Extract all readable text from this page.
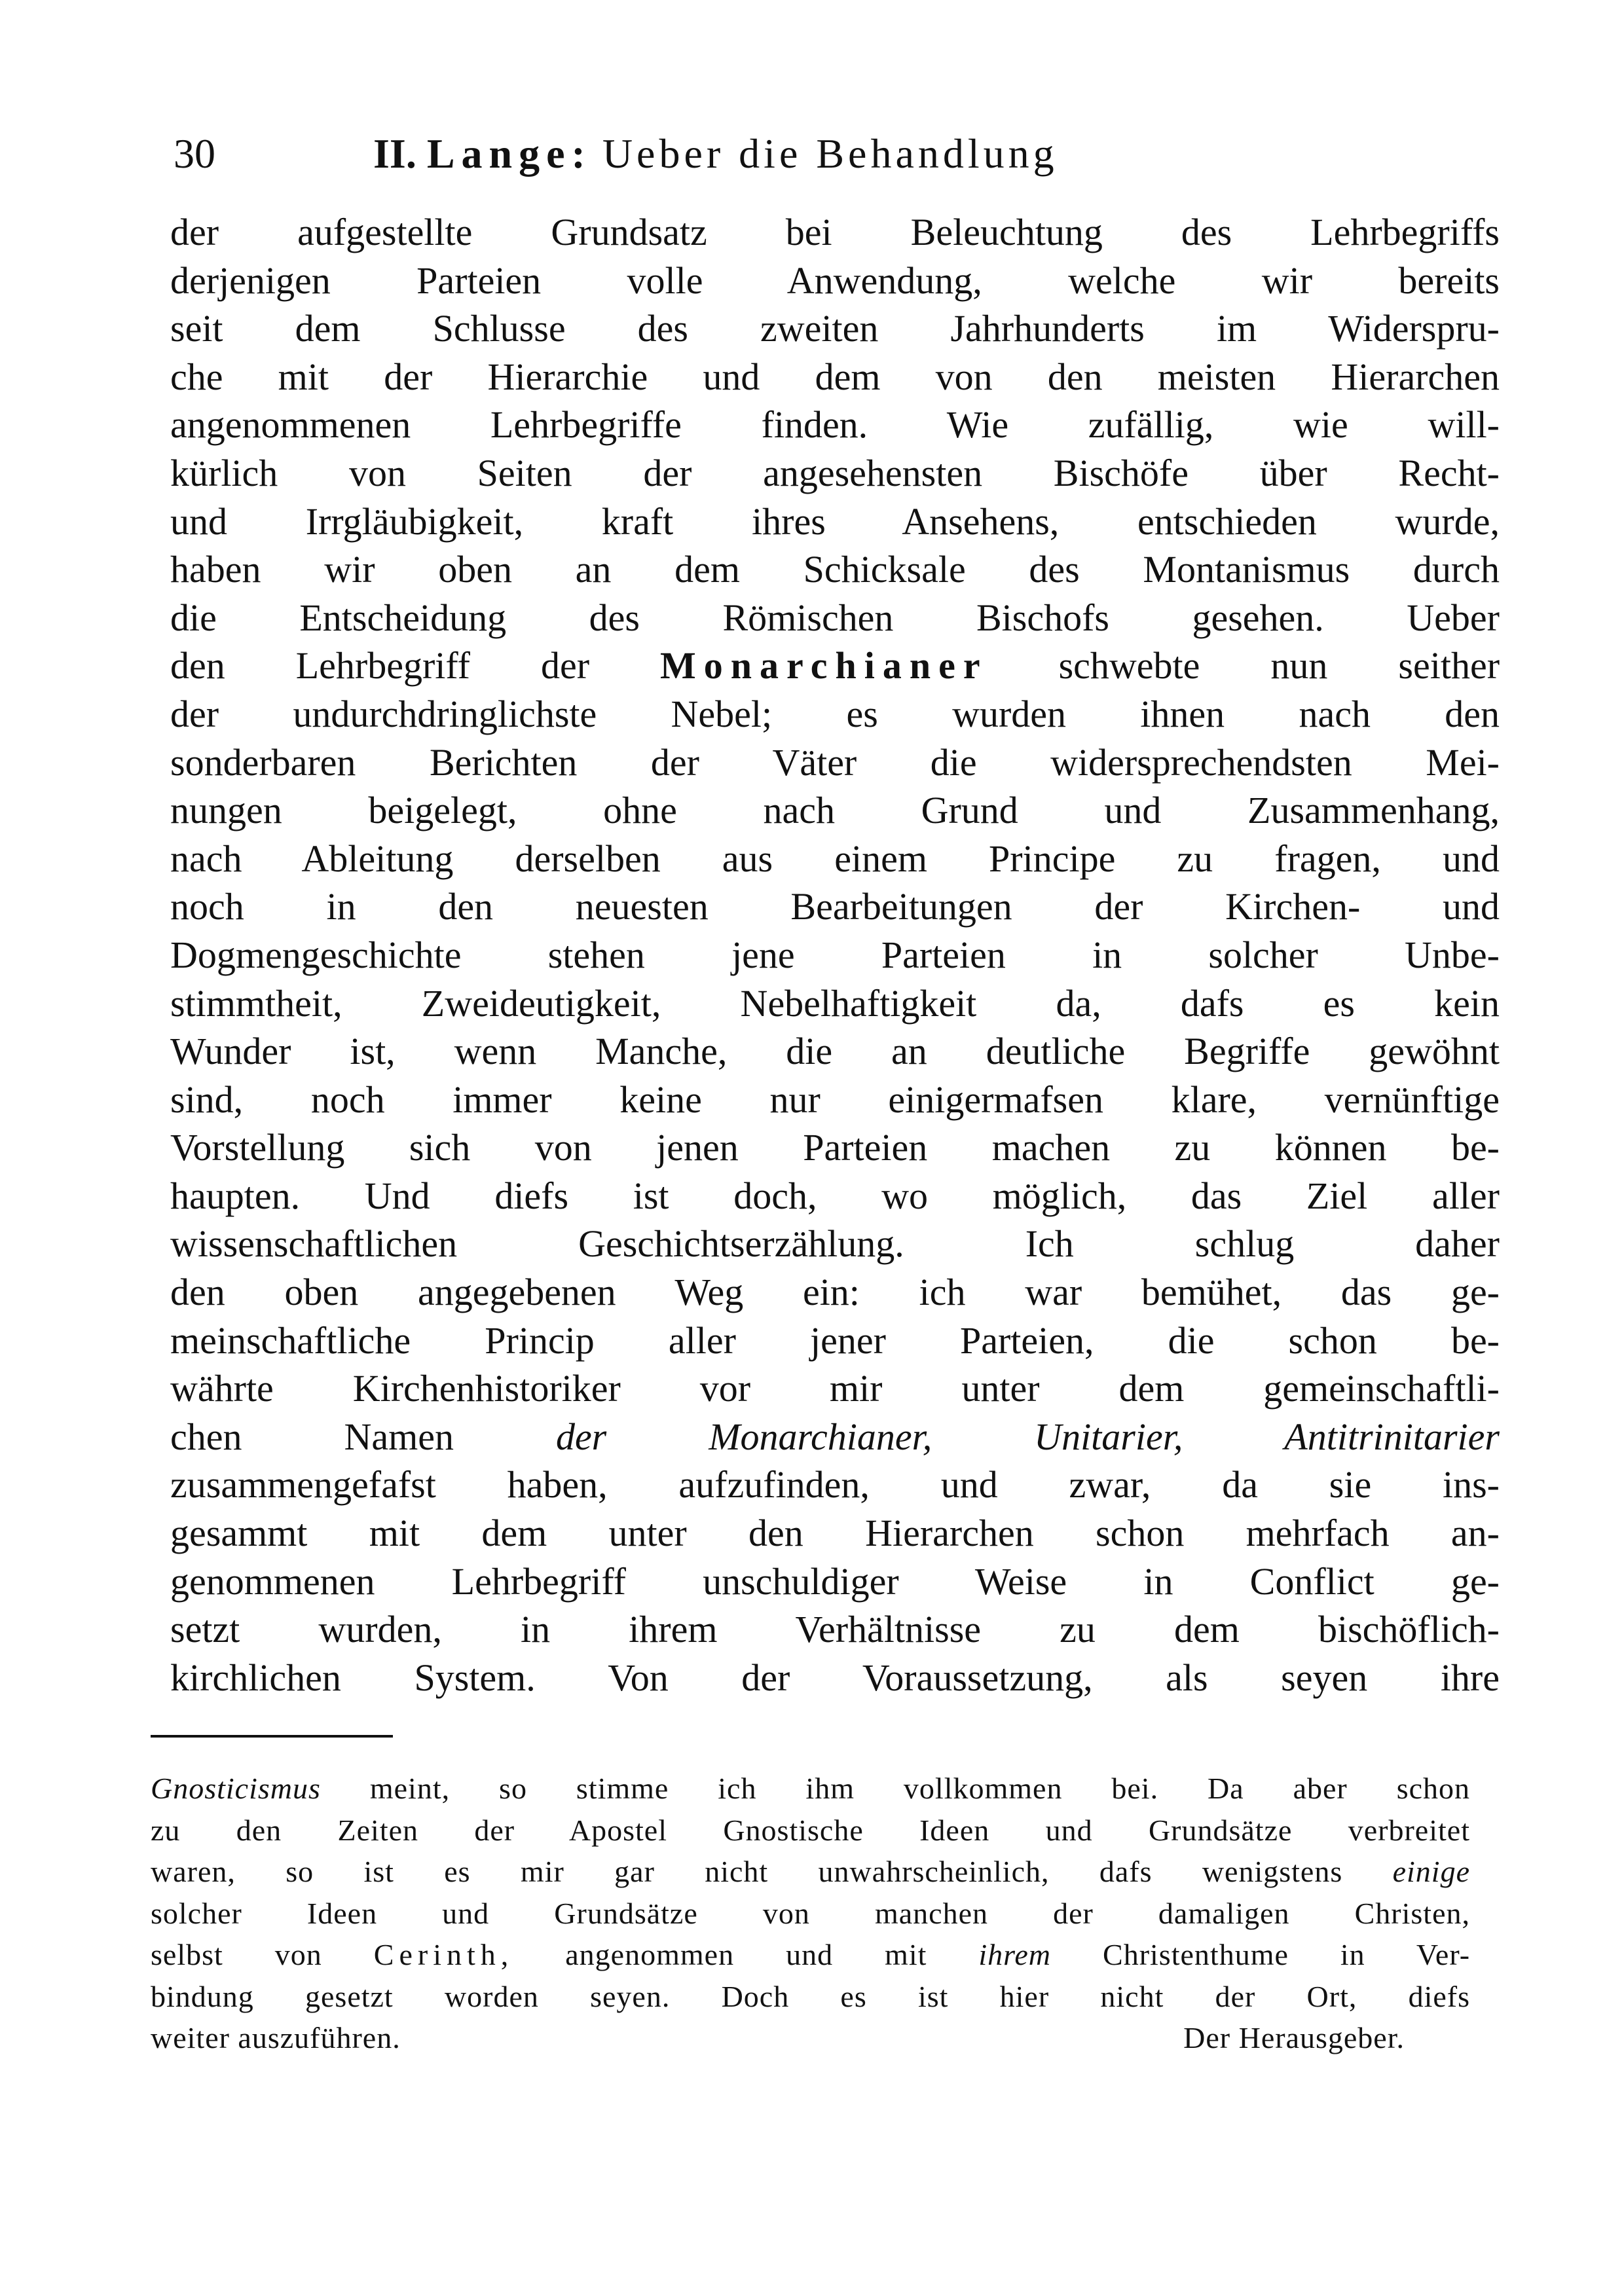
30	II. Lange: Ueber die Behandlung
der aufgestellte Grundsatz bei Beleuchtung des Lehrbegriffs
derjenigen Parteien volle Anwendung, welche wir bereits
seit dem Schlusse des zweiten Jahrhunderts im Widerspru-
che mit der Hierarchie und dem von den meisten Hierarchen
angenommenen Lehrbegriffe finden. Wie zufällig, wie will-
kürlich von Seiten der angesehensten Bischöfe über Recht-
und Irrgläubigkeit, kraft ihres Ansehens, entschieden wurde,
haben wir oben an dem Schicksale des Montanismus durch
die Entscheidung des Römischen Bischofs gesehen. Ueber
den Lehrbegriff der Monarchianer schwebte nun seither
der undurchdringlichste Nebel; es wurden ihnen nach den
sonderbaren Berichten der Väter die widersprechendsten Mei-
nungen beigelegt, ohne nach Grund und Zusammenhang,
nach Ableitung derselben aus einem Principe zu fragen, und
noch in den neuesten Bearbeitungen der Kirchen- und
Dogmengeschichte stehen jene Parteien in solcher Unbe-
stimmtheit, Zweideutigkeit, Nebelhaftigkeit da, dafs es kein
Wunder ist, wenn Manche, die an deutliche Begriffe gewöhnt
sind, noch immer keine nur einigermafsen klare, vernünftige
Vorstellung sich von jenen Parteien machen zu können be-
haupten. Und diefs ist doch, wo möglich, das Ziel aller
wissenschaftlichen Geschichtserzählung. Ich schlug daher
den oben angegebenen Weg ein: ich war bemühet, das ge-
meinschaftliche Princip aller jener Parteien, die schon be-
währte Kirchenhistoriker vor mir unter dem gemeinschaftli-
chen Namen	der Monarchianer, Unitarier, Antitrinitarier
zusammengefafst haben, aufzufinden, und zwar, da sie ins-
gesammt mit dem unter den Hierarchen schon mehrfach an-
genommenen Lehrbegriff unschuldiger Weise in Conflict ge-
setzt wurden, in ihrem Verhältnisse zu dem bischöflich-
kirchlichen System. Von der Voraussetzung, als seyen ihre
Gnosticismus meint, so stimme ich ihm vollkommen bei. Da aber schon
zu den Zeiten der Apostel Gnostische Ideen und Grundsätze verbreitet
waren, so ist es mir gar nicht unwahrscheinlich, dafs wenigstens einige
solcher Ideen und Grundsätze von manchen der damaligen Christen,
selbst von Cerinth, angenommen und mit ihrem Christenthume in Ver-
bindung gesetzt worden seyen. Doch es ist hier nicht der Ort, diefs
weiter auszuführen.	Der Herausgeber.
